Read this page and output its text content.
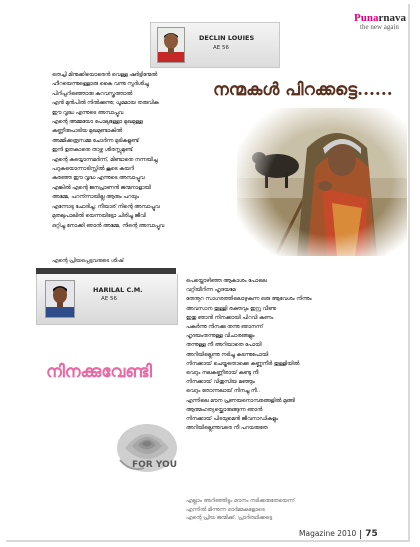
Punarnava
the new again
DECLIN LOUIES
AE 56
നന്മകൾ പിറക്കട്ടെ......
തെച്ചി മിനുക്കിയൊരെൻ വെള്ള ഷർട്ടിന്മേൽ
ഹീറയെന്നുള്ളൊരു കൈ വന്നു സ്പർശിച്ചു
പിറിപ്പറിഞ്ഞൊരു കുറവസ്ത്രത്താൽ
എൻ മുൻപിൽ നിൽക്കുന്നു; ധൂമമായ തരുവിക
ഈ വൃദ്ധ എന്നുടെ അമ്പാപ്പൂവ
എന്റെ അമ്മയോ പോലുള്ളോ മുഖമുള്ള
കണ്ണീരുപാടിയ മുഖമുണ്ടാകിൽ
അമ്മിക്കരൂസമ്മ ചോർന്ന മുടികളുണ്ട്
ഇനി ഉതകാതെ താഴ്ന്ന ശിരസ്സുമുണ്ട്
എന്റെ കയ്യൊന്നമർന്ന്, മിണ്ടാതെ നന്നയിച്ചു
പറുകയൊന്നാടിസ്റ്റിൽ കൂടെ കയറി
കരഞ്ഞ ഈ വൃദ്ധ എന്നുടെ അമ്പാപ്പൂവ
എങ്കിൽ എന്റെ ജനപ്രാണൻ ജന്മനാളായി
അമ്മേ, പറന്ന്നായില്ല ആരും പറയും
എന്നോടു ചോദിച്ചു; നീയാര് നിന്റെ അമ്പാപ്പൂവ
മുതലുപാലിൽ യെന്നയിട്ടോ ചിരിച്ചു ജീവി
ഒറ്റിച്ചു നോക്കി ഞാൻ അമ്മേ, നിന്റെ അമ്പാപ്പൂവ
എന്റെ പ്രിയപ്പെട്ടവരുടെ ശിഷ്
HARILAL C.M.
AE 56
നിനക്കുവേണ്ടി
FOR YOU
പെയ്തൊഴിഞ്ഞ ആകാശം പോലെ
വറ്റിയീറിന്ന ഹൃദയമേ
തേനൂറ സാഗരത്തിലൊഴുകുന്ന ഒരു ആവേശം നിന്നും
അവസാന തുള്ളി രക്തവും ഇറ്റു വീണു
ഇതു ഞാൻ നിനക്കായി പിറവി കണം
പകർന്നു നിനക്കു തന്നു ഞാനന്ന്
ഹൃദയംതന്നുള്ള വിചാരങ്ങളും
തന്നുള്ള നീ അറിയാതെ പോയി
അറിയില്ലെന്നു നടിച്ചു കടന്നുപോയി
നിനക്കായ് ചെയ്തതൊക്കെ കണ്ണുനീർ തുള്ളിയിൽ
വെറും നലകണ്ണീരായ് കണ്ടു നീ
നിനക്കായ് വിതുമ്പിയ മഞ്ഞും
വെറും തോന്നലായ് നിനച്ചു നീ..
എന്നിലെ മൗന പ്രണയനൊമ്പരങ്ങളിൽ മുങ്ങി
ആത്മഹത്യയ്ക്കൊരുങ്ങുന്ന ഞാൻ
നിനക്കായ് പിടയുമെൻ ജീവനാഡികളും
അറിയില്ലെന്നുവരെ നീ പറയരുതേ
എല്ലാം അറിഞ്ഞിട്ടും മൗനം നടിക്കരുതേയെന്ന്
എന്നിൽ മിന്നുന്ന ഓർമ്മകളോടെ
എന്റെ പ്രിയ ജന്മിക്ക്, പ്രാർത്ഥിക്കട്ടെ
Magazine 2010 75
